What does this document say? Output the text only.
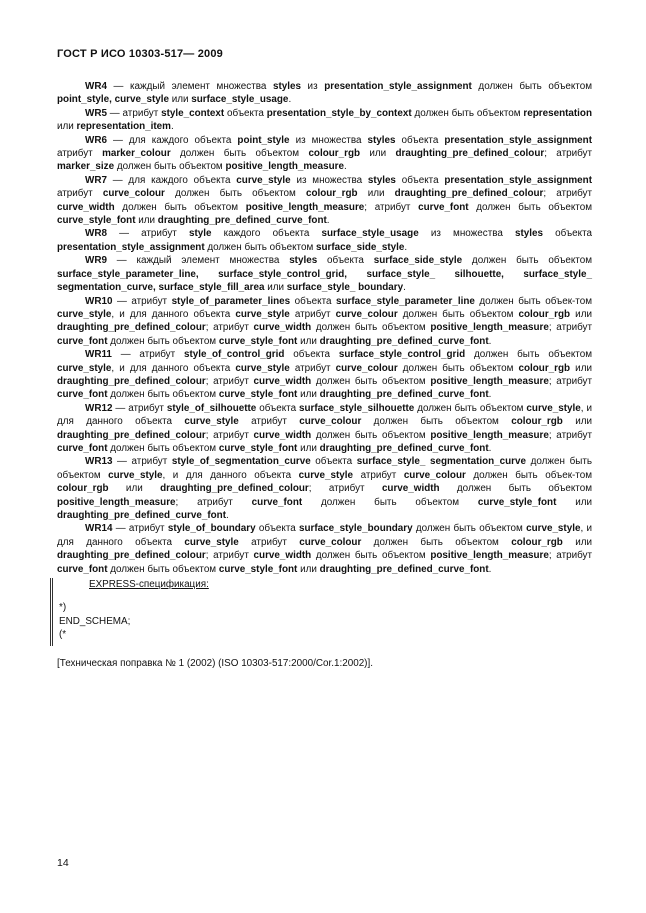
ГОСТ Р ИСО 10303-517— 2009

WR4 — каждый элемент множества styles из presentation_style_assignment должен быть объектом point_style, curve_style или surface_style_usage.

WR5 — атрибут style_context объекта presentation_style_by_context должен быть объектом representation или representation_item.

WR6 — для каждого объекта point_style из множества styles объекта presentation_style_assignment атрибут marker_colour должен быть объектом colour_rgb или draughting_pre_defined_colour; атрибут marker_size должен быть объектом positive_length_measure.

WR7 — для каждого объекта curve_style из множества styles объекта presentation_style_assignment атрибут curve_colour должен быть объектом colour_rgb или draughting_pre_defined_colour; атрибут curve_width должен быть объектом positive_length_measure; атрибут curve_font должен быть объектом curve_style_font или draughting_pre_defined_curve_font.

WR8 — атрибут style каждого объекта surface_style_usage из множества styles объекта presentation_style_assignment должен быть объектом surface_side_style.

WR9 — каждый элемент множества styles объекта surface_side_style должен быть объектом surface_style_parameter_line, surface_style_control_grid, surface_style_ silhouette, surface_style_ segmentation_curve, surface_style_fill_area или surface_style_ boundary.

WR10 — атрибут style_of_parameter_lines объекта surface_style_parameter_line должен быть объек-том curve_style, и для данного объекта curve_style атрибут curve_colour должен быть объектом colour_rgb или draughting_pre_defined_colour; атрибут curve_width должен быть объектом positive_length_measure; атрибут curve_font должен быть объектом curve_style_font или draughting_pre_defined_curve_font.

WR11 — атрибут style_of_control_grid объекта surface_style_control_grid должен быть объектом curve_style, и для данного объекта curve_style атрибут curve_colour должен быть объектом colour_rgb или draughting_pre_defined_colour; атрибут curve_width должен быть объектом positive_length_measure; атрибут curve_font должен быть объектом curve_style_font или draughting_pre_defined_curve_font.

WR12 — атрибут style_of_silhouette объекта surface_style_silhouette должен быть объектом curve_style, и для данного объекта curve_style атрибут curve_colour должен быть объектом colour_rgb или draughting_pre_defined_colour; атрибут curve_width должен быть объектом positive_length_measure; атрибут curve_font должен быть объектом curve_style_font или draughting_pre_defined_curve_font.

WR13 — атрибут style_of_segmentation_curve объекта surface_style_ segmentation_curve должен быть объектом curve_style, и для данного объекта curve_style атрибут curve_colour должен быть объек-том colour_rgb или draughting_pre_defined_colour; атрибут curve_width должен быть объектом positive_length_measure; атрибут curve_font должен быть объектом curve_style_font или draughting_pre_defined_curve_font.

WR14 — атрибут style_of_boundary объекта surface_style_boundary должен быть объектом curve_style, и для данного объекта curve_style атрибут curve_colour должен быть объектом colour_rgb или draughting_pre_defined_colour; атрибут curve_width должен быть объектом positive_length_measure; атрибут curve_font должен быть объектом curve_style_font или draughting_pre_defined_curve_font.

EXPRESS-спецификация:
*)
END_SCHEMA;
(*
[Техническая поправка № 1 (2002) (ISO 10303-517:2000/Cor.1:2002)].
14
